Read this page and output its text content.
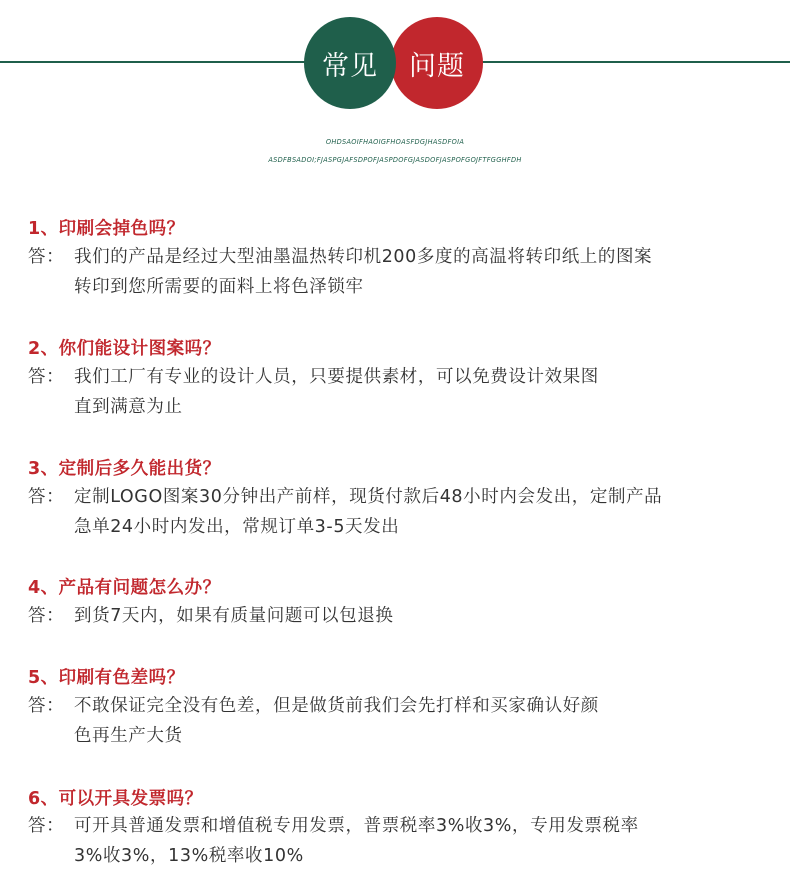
常见	问题
OHDSAOIFHAOIGFHOASFDGJHASDFOIA
ASDFBSADOI;FJASPGJAFSDPOFJASPDOFGJASDOFJASPOFGOJFTFGGHFDH
1、印刷会掉色吗？
答： 我们的产品是经过大型油墨温热转印机200多度的高温将转印纸上的图案
转印到您所需要的面料上将色泽锁牢
2、你们能设计图案吗？
答： 我们工厂有专业的设计人员，只要提供素材，可以免费设计效果图
直到满意为止
3、定制后多久能出货？
答： 定制LOGO图案30分钟出产前样，现货付款后48小时内会发出，定制产品
急单24小时内发出，常规订单3-5天发出
4、产品有问题怎么办？
答： 到货7天内，如果有质量问题可以包退换
5、印刷有色差吗？
答： 不敢保证完全没有色差，但是做货前我们会先打样和买家确认好颜
色再生产大货
6、可以开具发票吗？
答： 可开具普通发票和增值税专用发票，普票税率3%收3%，专用发票税率
3%收3%，13%税率收10%
